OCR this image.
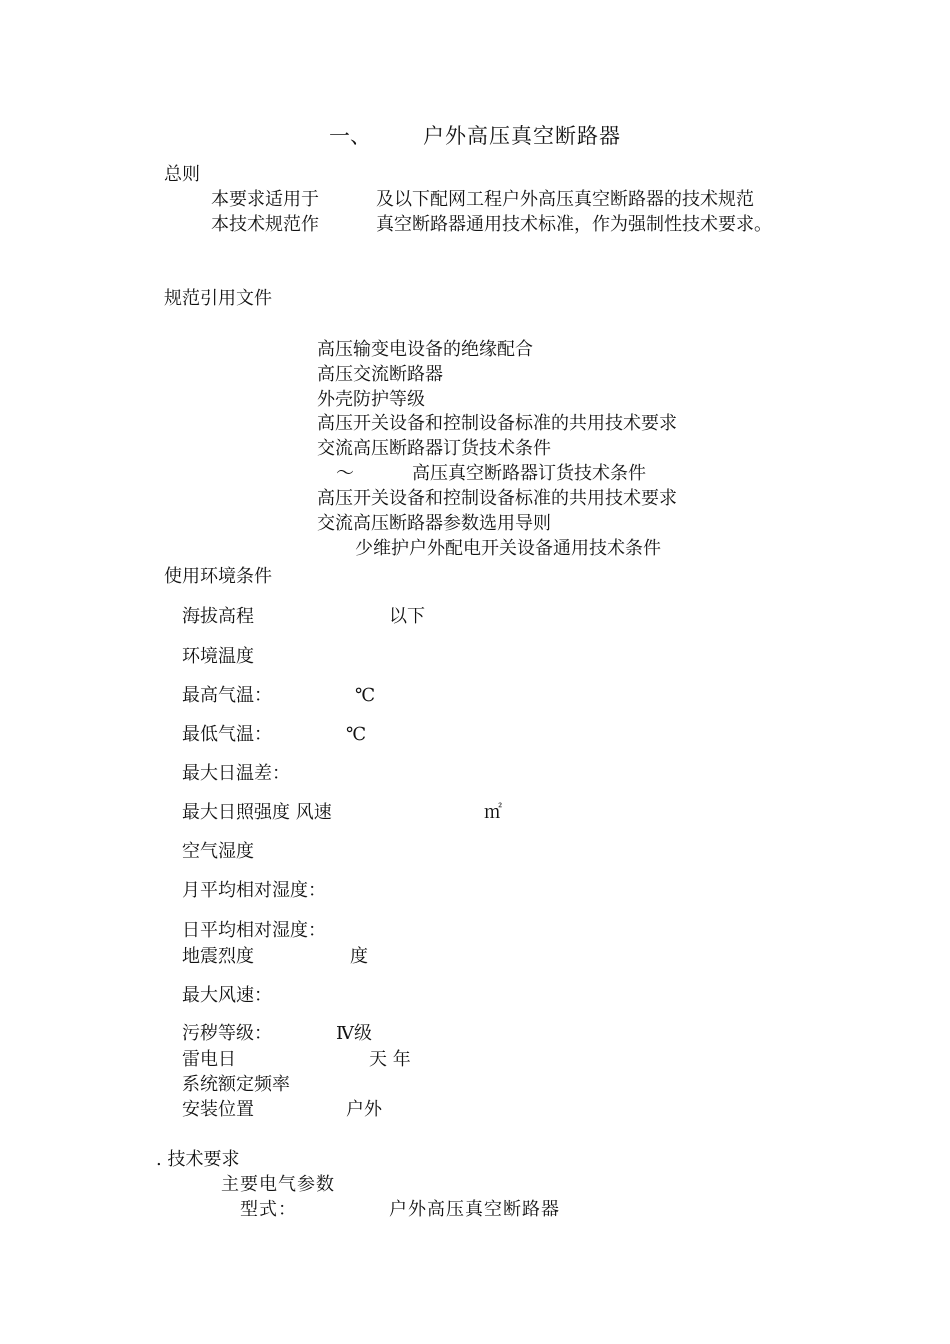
一、 户外高压真空断路器
总则
本要求适用于	及以下配网工程户外高压真空断路器的技术规范
本技术规范作	真空断路器通用技术标准，作为强制性技术要求。
规范引用文件
高压输变电设备的绝缘配合
高压交流断路器
外壳防护等级
高压开关设备和控制设备标准的共用技术要求
交流高压断路器订货技术条件
～	高压真空断路器订货技术条件
高压开关设备和控制设备标准的共用技术要求
交流高压断路器参数选用导则
少维护户外配电开关设备通用技术条件
使用环境条件
海拔高程	以下
环境温度
最高气温：	℃
最低气温：	℃
最大日温差：
最大日照强度 风速	㎡
空气湿度
月平均相对湿度：
日平均相对湿度：
地震烈度	度
最大风速：
污秽等级：	Ⅳ级
雷电日	天 年
系统额定频率
安装位置	户外
. 技术要求
主要电气参数
型式：	户外高压真空断路器
